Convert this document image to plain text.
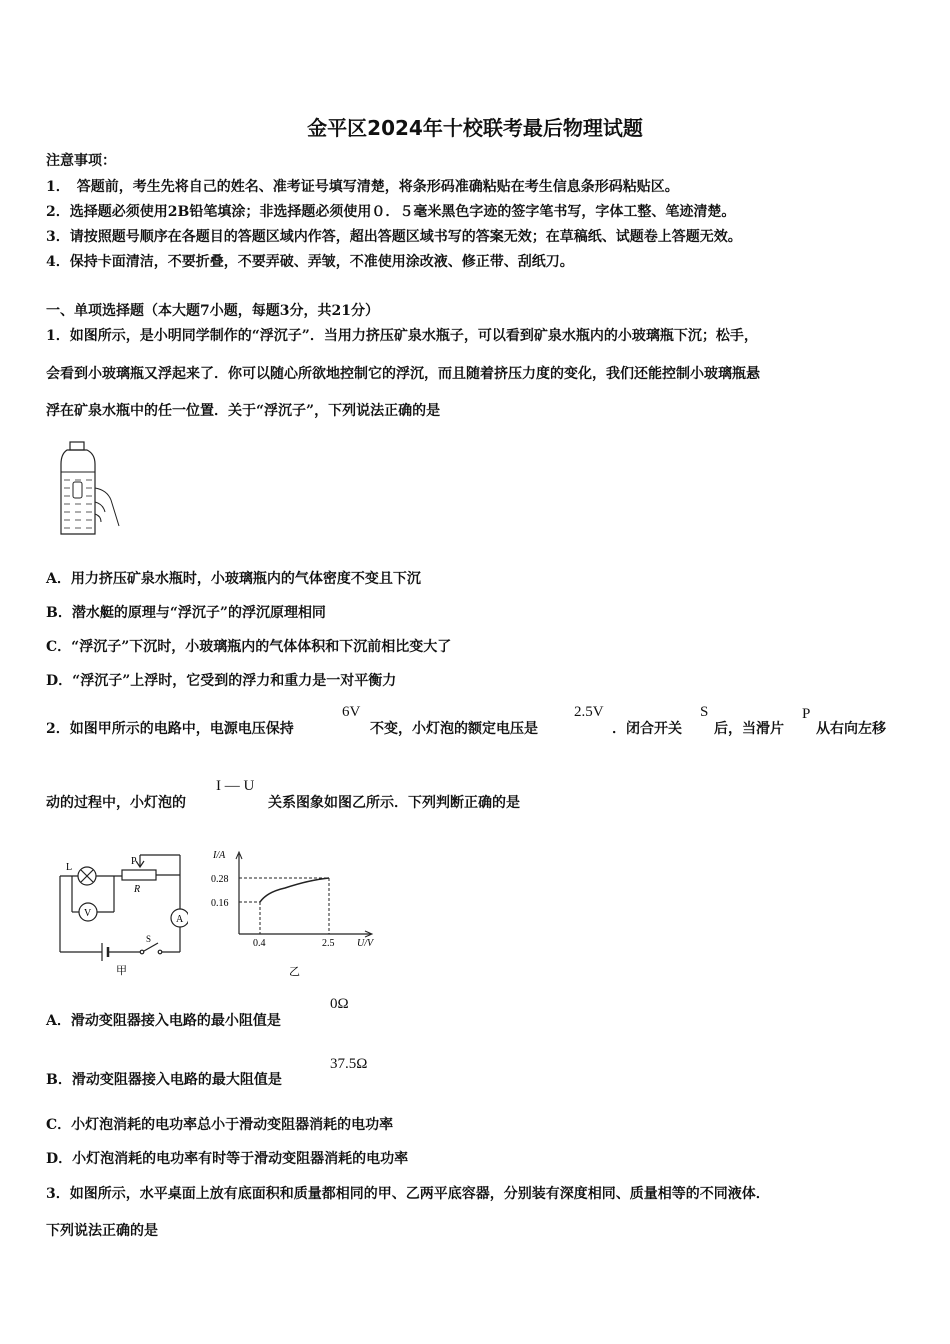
金平区2024年十校联考最后物理试题
注意事项：
1．　答题前，考生先将自己的姓名、准考证号填写清楚，将条形码准确粘贴在考生信息条形码粘贴区。
2．选择题必须使用2B铅笔填涂；非选择题必须使用０．５毫米黑色字迹的签字笔书写，字体工整、笔迹清楚。
3．请按照题号顺序在各题目的答题区域内作答，超出答题区域书写的答案无效；在草稿纸、试题卷上答题无效。
4．保持卡面清洁，不要折叠，不要弄破、弄皱，不准使用涂改液、修正带、刮纸刀。
一、单项选择题（本大题7小题，每题3分，共21分）
1．如图所示，是小明同学制作的“浮沉子”．当用力挤压矿泉水瓶子，可以看到矿泉水瓶内的小玻璃瓶下沉；松手，
会看到小玻璃瓶又浮起来了．你可以随心所欲地控制它的浮沉，而且随着挤压力度的变化，我们还能控制小玻璃瓶悬
浮在矿泉水瓶中的任一位置．关于“浮沉子”，下列说法正确的是
A．用力挤压矿泉水瓶时，小玻璃瓶内的气体密度不变且下沉
B．潜水艇的原理与“浮沉子”的浮沉原理相同
C．“浮沉子”下沉时，小玻璃瓶内的气体体积和下沉前相比变大了
D．“浮沉子”上浮时，它受到的浮力和重力是一对平衡力
2．如图甲所示的电路中，电源电压保持
6V
不变，小灯泡的额定电压是
2.5V
．闭合开关
S
后，当滑片
P
从右向左移
动的过程中，小灯泡的
I — U
关系图象如图乙所示．下列判断正确的是
L
P
R
V
A
S
甲
I/A
0.28
0.16
0.4	2.5 U/V
乙
A．滑动变阻器接入电路的最小阻值是
0Ω
B．滑动变阻器接入电路的最大阻值是
37.5Ω
C．小灯泡消耗的电功率总小于滑动变阻器消耗的电功率
D．小灯泡消耗的电功率有时等于滑动变阻器消耗的电功率
3．如图所示，水平桌面上放有底面积和质量都相同的甲、乙两平底容器，分别装有深度相同、质量相等的不同液体．
下列说法正确的是
